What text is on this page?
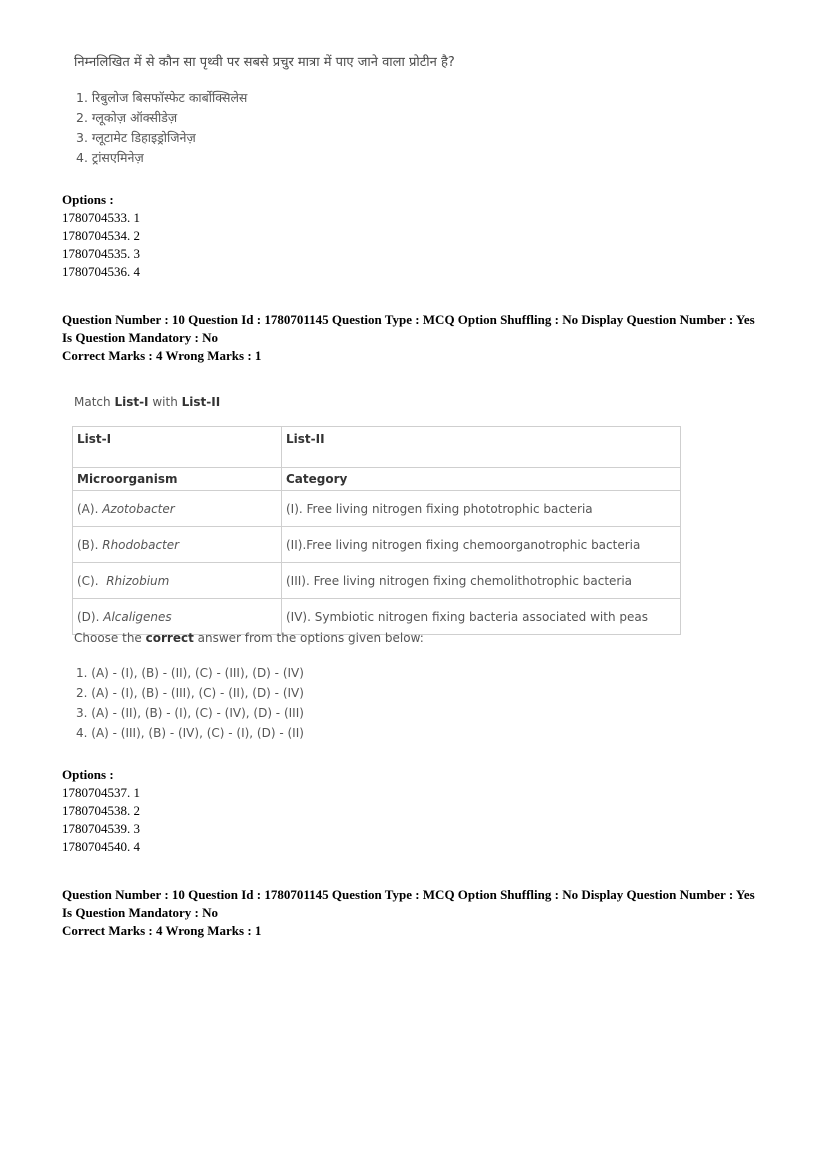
निम्नलिखित में से कौन सा पृथ्वी पर सबसे प्रचुर मात्रा में पाए जाने वाला प्रोटीन है?
1. रिबुलोज बिसफॉस्फेट कार्बोक्सिलेस
2. ग्लूकोज़ ऑक्सीडेज़
3. ग्लूटामेट डिहाइड्रोजिनेज़
4. ट्रांसएमिनेज़
Options :
1780704533. 1
1780704534. 2
1780704535. 3
1780704536. 4
Question Number : 10 Question Id : 1780701145 Question Type : MCQ Option Shuffling : No Display Question Number : Yes
Is Question Mandatory : No
Correct Marks : 4 Wrong Marks : 1
Match List-I with List-II
List-I	List-II
Microorganism	Category
(A). Azotobacter	(I). Free living nitrogen fixing phototrophic bacteria
(B). Rhodobacter	(II).Free living nitrogen fixing chemoorganotrophic bacteria
(C).  Rhizobium	(III). Free living nitrogen fixing chemolithotrophic bacteria
(D). Alcaligenes	(IV). Symbiotic nitrogen fixing bacteria associated with peas
Choose the correct answer from the options given below:
1. (A) - (I), (B) - (II), (C) - (III), (D) - (IV)
2. (A) - (I), (B) - (III), (C) - (II), (D) - (IV)
3. (A) - (II), (B) - (I), (C) - (IV), (D) - (III)
4. (A) - (III), (B) - (IV), (C) - (I), (D) - (II)
Options :
1780704537. 1
1780704538. 2
1780704539. 3
1780704540. 4
Question Number : 10 Question Id : 1780701145 Question Type : MCQ Option Shuffling : No Display Question Number : Yes
Is Question Mandatory : No
Correct Marks : 4 Wrong Marks : 1
